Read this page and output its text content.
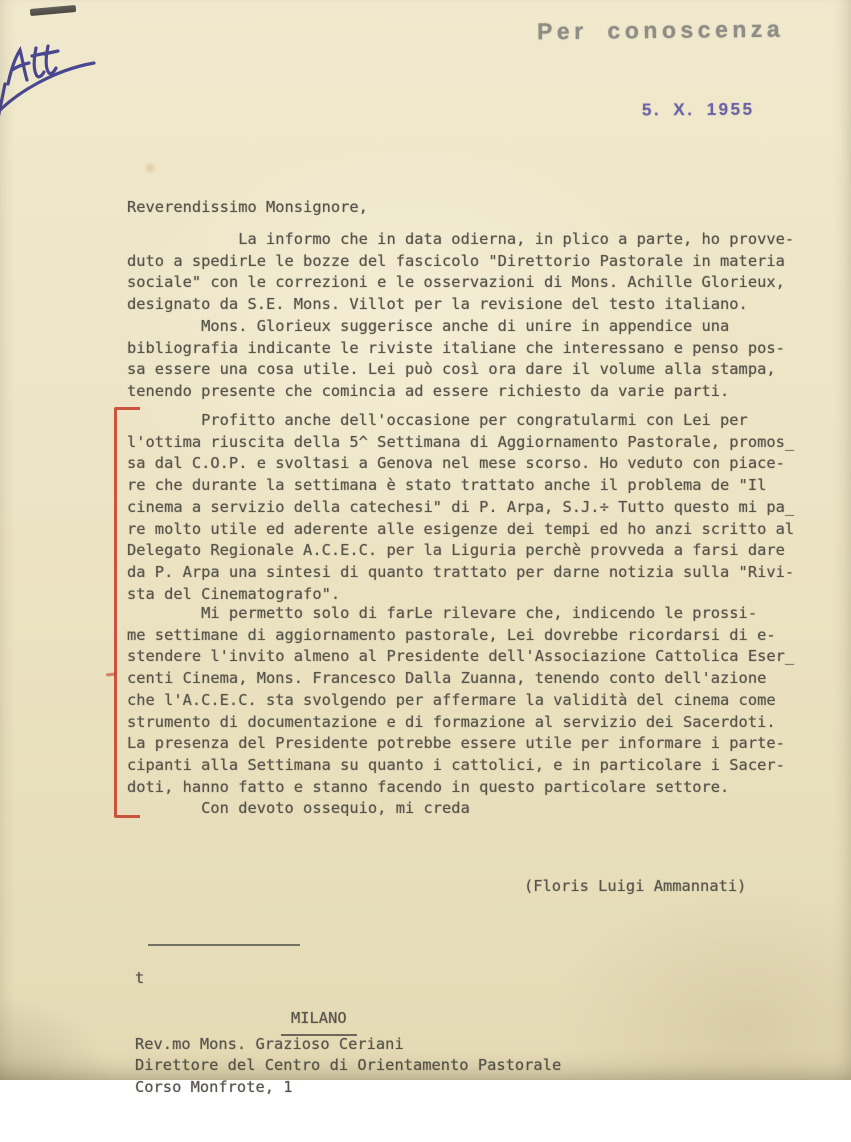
Per conoscenza
5. X. 1955
Reverendissimo Monsignore,
La informo che in data odierna, in plico a parte, ho provve-
duto a spedirLe le bozze del fascicolo "Direttorio Pastorale in materia
sociale" con le correzioni e le osservazioni di Mons. Achille Glorieux,
designato da S.E. Mons. Villot per la revisione del testo italiano.
Mons. Glorieux suggerisce anche di unire in appendice una
bibliografia indicante le riviste italiane che interessano e penso pos-
sa essere una cosa utile. Lei può così ora dare il volume alla stampa,
tenendo presente che comincia ad essere richiesto da varie parti.
Profitto anche dell'occasione per congratularmi con Lei per
l'ottima riuscita della 5^ Settimana di Aggiornamento Pastorale, promos̲
sa dal C.O.P. e svoltasi a Genova nel mese scorso. Ho veduto con piace-
re che durante la settimana è stato trattato anche il problema de "Il
cinema a servizio della catechesi" di P. Arpa, S.J.÷ Tutto questo mi pa̲
re molto utile ed aderente alle esigenze dei tempi ed ho anzi scritto al
Delegato Regionale A.C.E.C. per la Liguria perchè provveda a farsi dare
da P. Arpa una sintesi di quanto trattato per darne notizia sulla "Rivi-
sta del Cinematografo".
Mi permetto solo di farLe rilevare che, indicendo le prossi-
me settimane di aggiornamento pastorale, Lei dovrebbe ricordarsi di e-
stendere l'invito almeno al Presidente dell'Associazione Cattolica Eser̲
centi Cinema, Mons. Francesco Dalla Zuanna, tenendo conto dell'azione
che l'A.C.E.C. sta svolgendo per affermare la validità del cinema come
strumento di documentazione e di formazione al servizio dei Sacerdoti.
La presenza del Presidente potrebbe essere utile per informare i parte-
cipanti alla Settimana su quanto i cattolici, e in particolare i Sacer-
doti, hanno fatto e stanno facendo in questo particolare settore.
Con devoto ossequio, mi creda
(Floris Luigi Ammannati)

t

Rev.mo Mons. Grazioso Ceriani
Direttore del Centro di Orientamento Pastorale
Corso Monfrote, 1

MILANO
